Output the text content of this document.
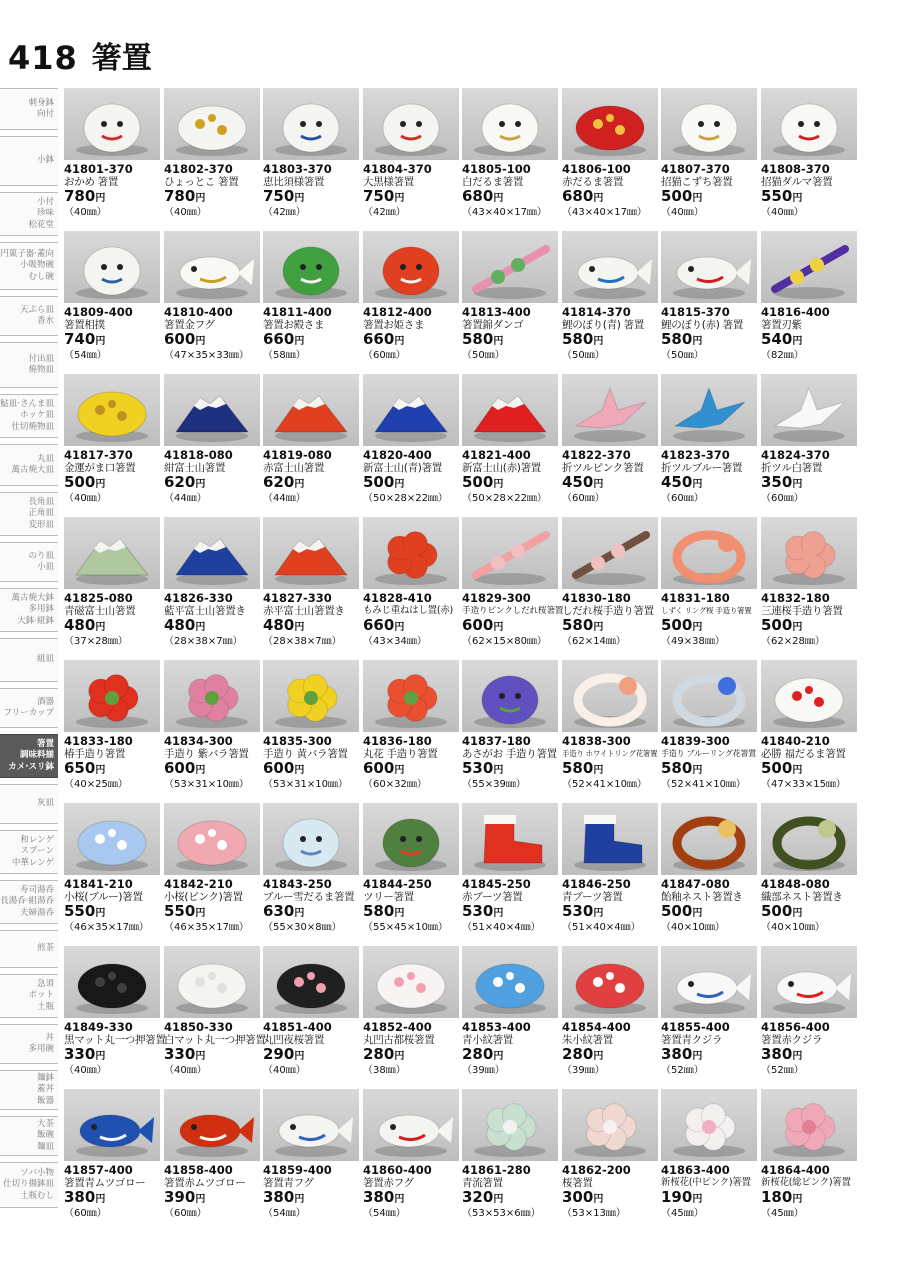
418 箸置
刺身鉢
向付
小鉢
小付
珍味
松花堂
円菓子器·蓋向
小吸物碗
むし碗
天ぷら皿
香水
付出皿
焼物皿
鮎皿·さんま皿
ホッケ皿
仕切焼物皿
丸皿
萬古焼大皿
長角皿
正角皿
変形皿
のり皿
小皿
萬古焼大鉢
多用鉢
大鉢·組鉢
組皿
酒器
フリーカップ
箸置
調味料揃
カメ·スリ鉢
灰皿
和レンゲ
スプーン
中華レンゲ
寿司湯呑
長湯呑·組湯呑
夫婦湯呑
煎茶
急須
ポット
土瓶
丼
多用碗
麺鉢
蓋丼
飯器
大茶
飯碗
麺皿
ソバ小物
仕切り揚鉢皿
土瓶むし
41801-370
おかめ 箸置
780円
（40㎜）
41802-370
ひょっとこ 箸置
780円
（40㎜）
41803-370
恵比須様箸置
750円
（42㎜）
41804-370
大黒様箸置
750円
（42㎜）
41805-100
白だるま箸置
680円
（43×40×17㎜）
41806-100
赤だるま箸置
680円
（43×40×17㎜）
41807-370
招猫こずち箸置
500円
（40㎜）
41808-370
招猫ダルマ箸置
550円
（40㎜）
41809-400
箸置相撲
740円
（54㎜）
41810-400
箸置金フグ
600円
（47×35×33㎜）
41811-400
箸置お殿さま
660円
（58㎜）
41812-400
箸置お姫さま
660円
（60㎜）
41813-400
箸置錦ダンゴ
580円
（50㎜）
41814-370
鯉のぼり(青) 箸置
580円
（50㎜）
41815-370
鯉のぼり(赤) 箸置
580円
（50㎜）
41816-400
箸置刃紫
540円
（82㎜）
41817-370
金運がま口箸置
500円
（40㎜）
41818-080
紺富士山箸置
620円
（44㎜）
41819-080
赤富士山箸置
620円
（44㎜）
41820-400
新富士山(青)箸置
500円
（50×28×22㎜）
41821-400
新富士山(赤)箸置
500円
（50×28×22㎜）
41822-370
折ツルピンク箸置
450円
（60㎜）
41823-370
折ツルブルー箸置
450円
（60㎜）
41824-370
折ツル白箸置
350円
（60㎜）
41825-080
青磁富士山箸置
480円
（37×28㎜）
41826-330
藍平富士山箸置き
480円
（28×38×7㎜）
41827-330
赤平富士山箸置き
480円
（28×38×7㎜）
41828-410
もみじ重ねはし置(赤)
660円
（43×34㎜）
41829-300
手造りピンクしだれ桜箸置
600円
（62×15×80㎜）
41830-180
しだれ桜手造り箸置
580円
（62×14㎜）
41831-180
しずく リング桜 手造り箸置
500円
（49×38㎜）
41832-180
三連桜手造り箸置
500円
（62×28㎜）
41833-180
椿手造り箸置
650円
（40×25㎜）
41834-300
手造り 紫バラ箸置
600円
（53×31×10㎜）
41835-300
手造り 黄バラ箸置
600円
（53×31×10㎜）
41836-180
丸花 手造り箸置
600円
（60×32㎜）
41837-180
あさがお 手造り箸置
530円
（55×39㎜）
41838-300
手造り ホワイトリング花箸置
580円
（52×41×10㎜）
41839-300
手造り ブルーリング花箸置
580円
（52×41×10㎜）
41840-210
必勝 福だるま箸置
500円
（47×33×15㎜）
41841-210
小桜(ブルー)箸置
550円
（46×35×17㎜）
41842-210
小桜(ピンク)箸置
550円
（46×35×17㎜）
41843-250
ブルー雪だるま箸置
630円
（55×30×8㎜）
41844-250
ツリー箸置
580円
（55×45×10㎜）
41845-250
赤ブーツ箸置
530円
（51×40×4㎜）
41846-250
青ブーツ箸置
530円
（51×40×4㎜）
41847-080
飴釉ネスト箸置き
500円
（40×10㎜）
41848-080
織部ネスト箸置き
500円
（40×10㎜）
41849-330
黒マット丸一つ押箸置
330円
（40㎜）
41850-330
白マット丸一つ押箸置
330円
（40㎜）
41851-400
丸凹夜桜箸置
290円
（40㎜）
41852-400
丸凹古都桜箸置
280円
（38㎜）
41853-400
青小紋箸置
280円
（39㎜）
41854-400
朱小紋箸置
280円
（39㎜）
41855-400
箸置青クジラ
380円
（52㎜）
41856-400
箸置赤クジラ
380円
（52㎜）
41857-400
箸置青ムツゴロー
380円
（60㎜）
41858-400
箸置赤ムツゴロー
390円
（60㎜）
41859-400
箸置青フグ
380円
（54㎜）
41860-400
箸置赤フグ
380円
（54㎜）
41861-280
青流箸置
320円
（53×53×6㎜）
41862-200
桜箸置
300円
（53×13㎜）
41863-400
新桜花(中ピンク)箸置
190円
（45㎜）
41864-400
新桜花(総ピンク)箸置
180円
（45㎜）
